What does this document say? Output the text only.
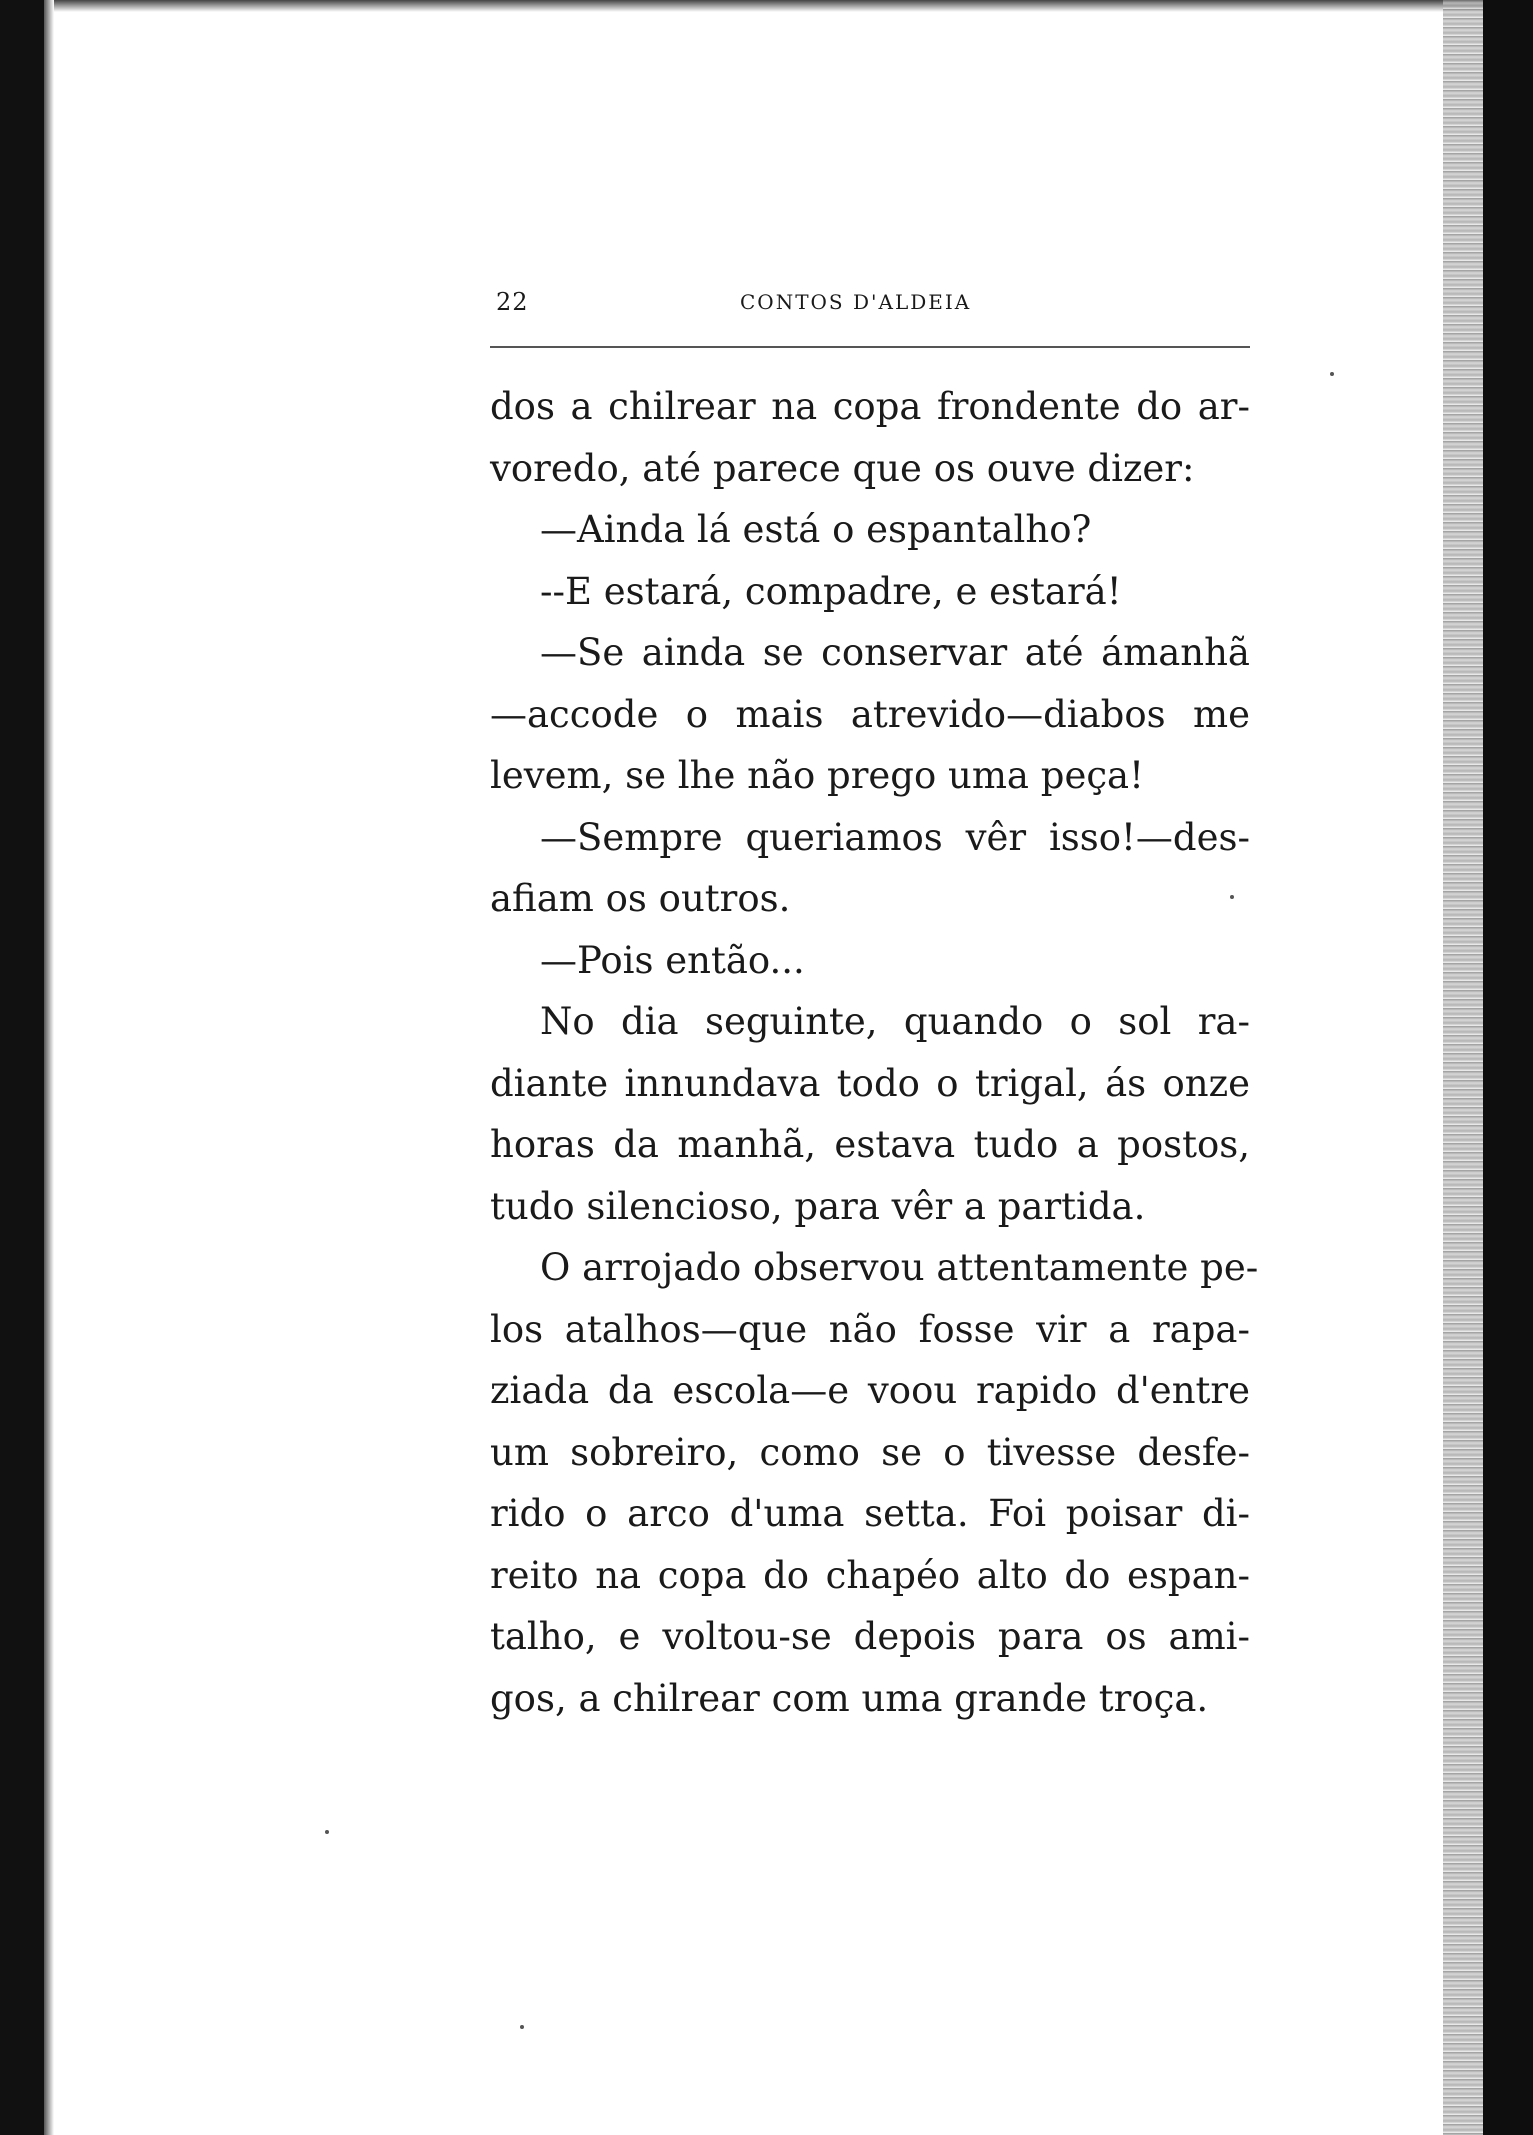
22	CONTOS D'ALDEIA
dos a chilrear na copa frondente do ar-
voredo, até parece que os ouve dizer:
—Ainda lá está o espantalho?
--E estará, compadre, e estará!
—Se ainda se conservar até ámanhã
—accode o mais atrevido—diabos me
levem, se lhe não prego uma peça!
—Sempre queriamos vêr isso!—des-
afiam os outros.
—Pois então...
No dia seguinte, quando o sol ra-
diante innundava todo o trigal, ás onze
horas da manhã, estava tudo a postos,
tudo silencioso, para vêr a partida.
O arrojado observou attentamente pe-
los atalhos—que não fosse vir a rapa-
ziada da escola—e voou rapido d'entre
um sobreiro, como se o tivesse desfe-
rido o arco d'uma setta. Foi poisar di-
reito na copa do chapéo alto do espan-
talho, e voltou-se depois para os ami-
gos, a chilrear com uma grande troça.
